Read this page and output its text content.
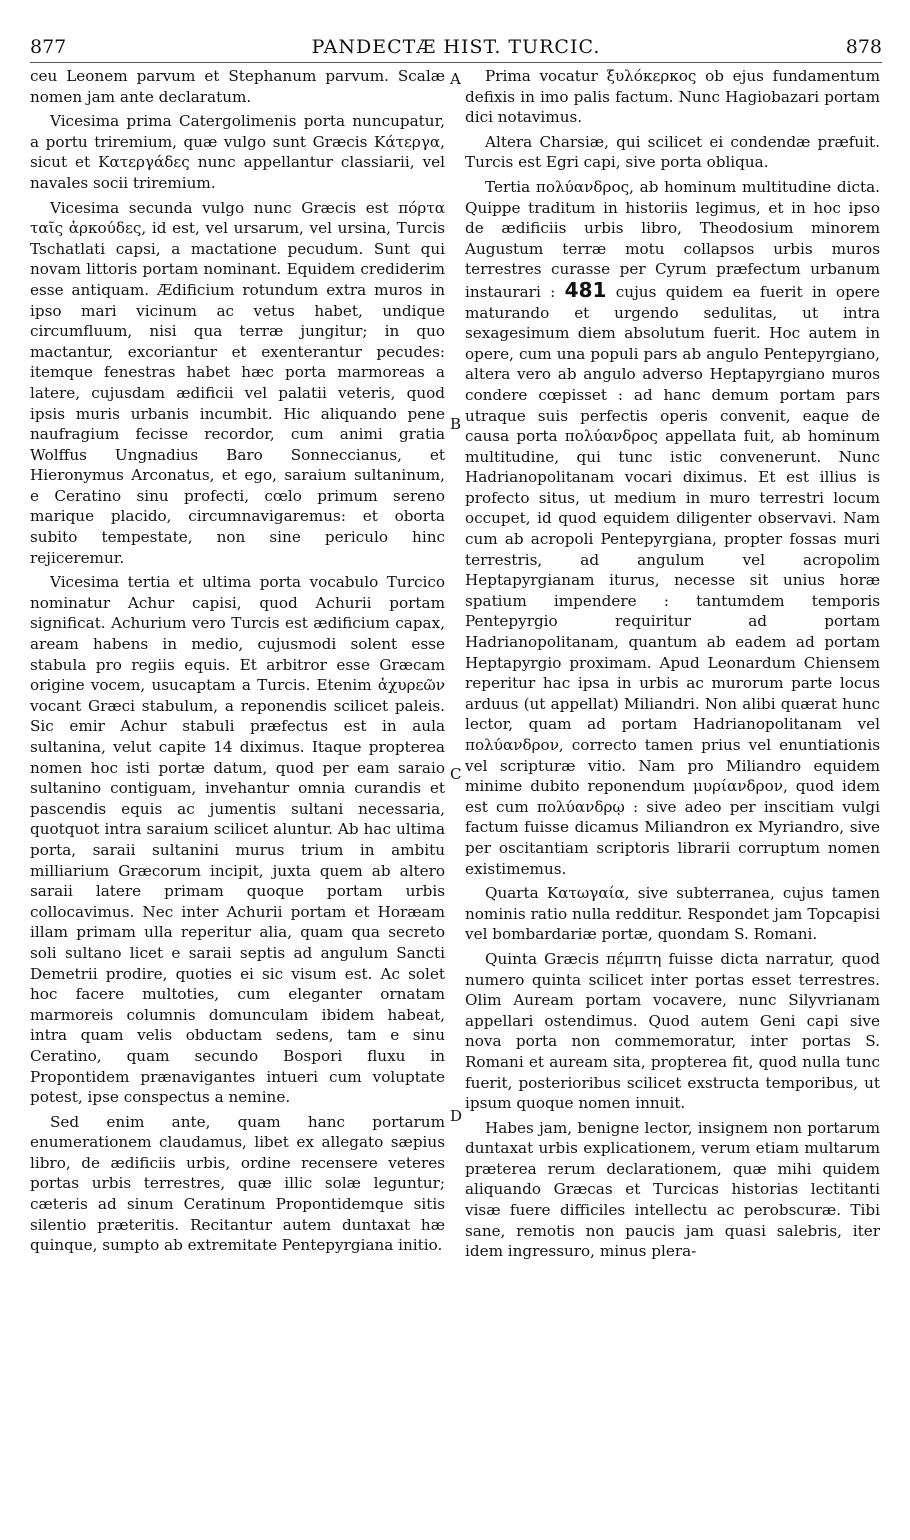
877	PANDECTÆ HIST. TURCIC.	878
A
B
C
D

ceu Leonem parvum et Stephanum parvum. Scalæ nomen jam ante declaratum.

Vicesima prima Catergolimenis porta nuncupatur, a portu triremium, quæ vulgo sunt Græcis Κάτεργα, sicut et Κατεργάδες nunc appellantur classiarii, vel navales socii triremium.

Vicesima secunda vulgo nunc Græcis est πόρτα ταῖς ἀρκούδες, id est, vel ursarum, vel ursina, Turcis Tschatlati capsi, a mactatione pecudum. Sunt qui novam littoris portam nominant. Equidem crediderim esse antiquam. Ædificium rotundum extra muros in ipso mari vicinum ac vetus habet, undique circumfluum, nisi qua terræ jungitur; in quo mactantur, excoriantur et exenterantur pecudes: itemque fenestras habet hæc porta marmoreas a latere, cujusdam ædificii vel palatii veteris, quod ipsis muris urbanis incumbit. Hic aliquando pene naufragium fecisse recordor, cum animi gratia Wolffus Ungnadius Baro Sonneccianus, et Hieronymus Arconatus, et ego, saraium sultaninum, e Ceratino sinu profecti, cœlo primum sereno marique placido, circumnavigaremus: et oborta subito tempestate, non sine periculo hinc rejiceremur.

Vicesima tertia et ultima porta vocabulo Turcico nominatur Achur capisi, quod Achurii portam significat. Achurium vero Turcis est ædificium capax, aream habens in medio, cujusmodi solent esse stabula pro regiis equis. Et arbitror esse Græcam origine vocem, usucaptam a Turcis. Etenim ἀχυρεῶν vocant Græci stabulum, a reponendis scilicet paleis. Sic emir Achur stabuli præfectus est in aula sultanina, velut capite 14 diximus. Itaque propterea nomen hoc isti portæ datum, quod per eam saraio sultanino contiguam, invehantur omnia curandis et pascendis equis ac jumentis sultani necessaria, quotquot intra saraium scilicet aluntur. Ab hac ultima porta, saraii sultanini murus trium in ambitu milliarium Græcorum incipit, juxta quem ab altero saraii latere primam quoque portam urbis collocavimus. Nec inter Achurii portam et Horæam illam primam ulla reperitur alia, quam qua secreto soli sultano licet e saraii septis ad angulum Sancti Demetrii prodire, quoties ei sic visum est. Ac solet hoc facere multoties, cum eleganter ornatam marmoreis columnis domunculam ibidem habeat, intra quam velis obductam sedens, tam e sinu Ceratino, quam secundo Bospori fluxu in Propontidem prænavigantes intueri cum voluptate potest, ipse conspectus a nemine.

Sed enim ante, quam hanc portarum enumerationem claudamus, libet ex allegato sæpius libro, de ædificiis urbis, ordine recensere veteres portas urbis terrestres, quæ illic solæ leguntur; cæteris ad sinum Ceratinum Propontidemque sitis silentio præteritis. Recitantur autem duntaxat hæ quinque, sumpto ab extremitate Pentepyrgiana initio.

Prima vocatur ξυλόκερκος ob ejus fundamentum defixis in imo palis factum. Nunc Hagiobazari portam dici notavimus.

Altera Charsiæ, qui scilicet ei condendæ præfuit. Turcis est Egri capi, sive porta obliqua.

Tertia πολύανδρος, ab hominum multitudine dicta. Quippe traditum in historiis legimus, et in hoc ipso de ædificiis urbis libro, Theodosium minorem Augustum terræ motu collapsos urbis muros terrestres curasse per Cyrum præfectum urbanum instaurari : 481 cujus quidem ea fuerit in opere maturando et urgendo sedulitas, ut intra sexagesimum diem absolutum fuerit. Hoc autem in opere, cum una populi pars ab angulo Pentepyrgiano, altera vero ab angulo adverso Heptapyrgiano muros condere cœpisset : ad hanc demum portam pars utraque suis perfectis operis convenit, eaque de causa porta πολύανδρος appellata fuit, ab hominum multitudine, qui tunc istic convenerunt. Nunc Hadrianopolitanam vocari diximus. Et est illius is profecto situs, ut medium in muro terrestri locum occupet, id quod equidem diligenter observavi. Nam cum ab acropoli Pentepyrgiana, propter fossas muri terrestris, ad angulum vel acropolim Heptapyrgianam iturus, necesse sit unius horæ spatium impendere : tantumdem temporis Pentepyrgio requiritur ad portam Hadrianopolitanam, quantum ab eadem ad portam Heptapyrgio proximam. Apud Leonardum Chiensem reperitur hac ipsa in urbis ac murorum parte locus arduus (ut appellat) Miliandri. Non alibi quærat hunc lector, quam ad portam Hadrianopolitanam vel πολύανδρον, correcto tamen prius vel enuntiationis vel scripturæ vitio. Nam pro Miliandro equidem minime dubito reponendum μυρίανδρον, quod idem est cum πολύανδρῳ : sive adeo per inscitiam vulgi factum fuisse dicamus Miliandron ex Myriandro, sive per oscitantiam scriptoris librarii corruptum nomen existimemus.

Quarta Κατωγαία, sive subterranea, cujus tamen nominis ratio nulla redditur. Respondet jam Topcapisi vel bombardariæ portæ, quondam S. Romani.

Quinta Græcis πέμπτη fuisse dicta narratur, quod numero quinta scilicet inter portas esset terrestres. Olim Auream portam vocavere, nunc Silyvrianam appellari ostendimus. Quod autem Geni capi sive nova porta non commemoratur, inter portas S. Romani et auream sita, propterea fit, quod nulla tunc fuerit, posterioribus scilicet exstructa temporibus, ut ipsum quoque nomen innuit.

Habes jam, benigne lector, insignem non portarum duntaxat urbis explicationem, verum etiam multarum præterea rerum declarationem, quæ mihi quidem aliquando Græcas et Turcicas historias lectitanti visæ fuere difficiles intellectu ac perobscuræ. Tibi sane, remotis non paucis jam quasi salebris, iter idem ingressuro, minus plera-
